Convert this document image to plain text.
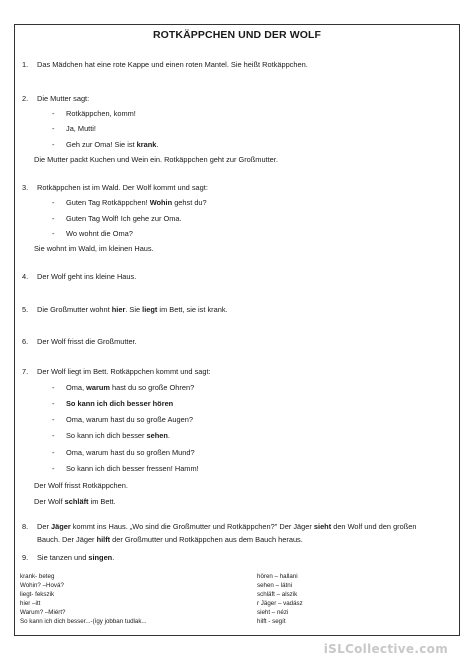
ROTKÄPPCHEN UND DER WOLF
1. Das Mädchen hat eine rote Kappe und einen roten Mantel. Sie heißt Rotkäppchen.
2. Die Mutter sagt:
- Rotkäppchen, komm!
- Ja, Mutti!
- Geh zur Oma! Sie ist krank.
Die Mutter packt Kuchen und Wein ein. Rotkäppchen geht zur Großmutter.
3. Rotkäppchen ist im Wald. Der Wolf kommt und sagt:
- Guten Tag Rotkäppchen! Wohin gehst du?
- Guten Tag Wolf! Ich gehe zur Oma.
- Wo wohnt die Oma?
Sie wohnt im Wald, im kleinen Haus.
4. Der Wolf geht ins kleine Haus.
5. Die Großmutter wohnt hier. Sie liegt im Bett, sie ist krank.
6. Der Wolf frisst die Großmutter.
7. Der Wolf liegt im Bett. Rotkäppchen kommt und sagt:
- Oma, warum hast du so große Ohren?
- So kann ich dich besser hören
- Oma, warum hast du so große Augen?
- So kann ich dich besser sehen.
- Oma, warum hast du so großen Mund?
- So kann ich dich besser fressen! Hamm!
Der Wolf frisst Rotkäppchen.
Der Wolf schläft im Bett.
8. Der Jäger kommt ins Haus. „Wo sind die Großmutter und Rotkäppchen?" Der Jäger sieht den Wolf und den großen
Bauch. Der Jäger hilft der Großmutter und Rotkäppchen aus dem Bauch heraus.
9. Sie tanzen und singen.
krank- beteg
Wohin? –Hová?
liegt- fekszik
hier –itt
Warum? –Miért?
So kann ich dich besser...-(így jobban tudlak...
hören – hallani
sehen – látni
schläft – alszik
r Jäger – vadász
sieht – nézi
hilft - segít
iSLCollective.com
